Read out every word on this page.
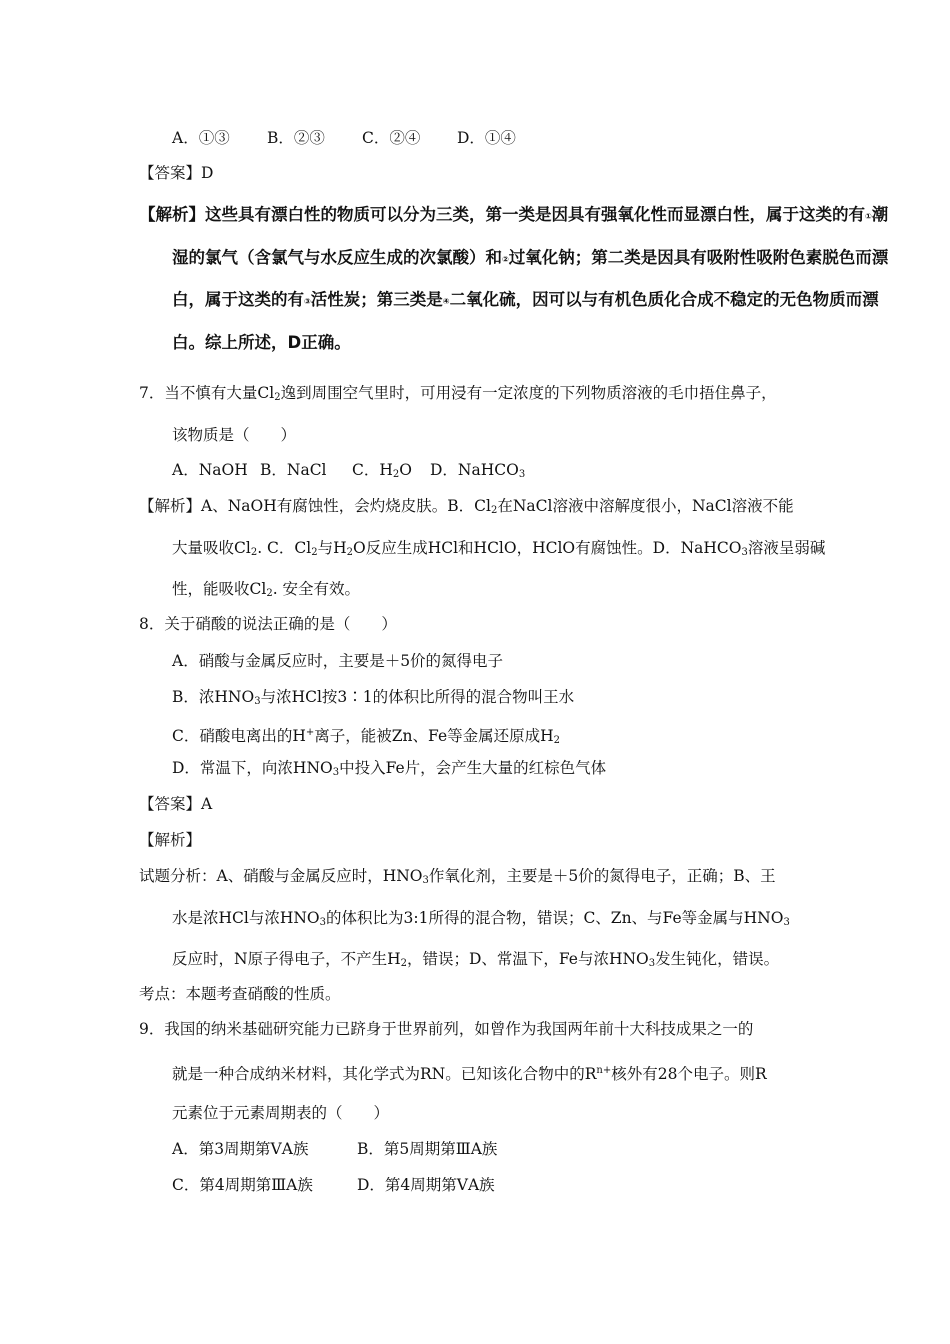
A．①③ B．②③ C．②④ D．①④
【答案】D
【解析】这些具有漂白性的物质可以分为三类，第一类是因具有强氧化性而显漂白性，属于这类的有①潮
湿的氯气（含氯气与水反应生成的次氯酸）和②过氧化钠；第二类是因具有吸附性吸附色素脱色而漂
白，属于这类的有③活性炭；第三类是④二氧化硫，因可以与有机色质化合成不稳定的无色物质而漂
白。综上所述，D正确。
7．当不慎有大量$Cl_2$逸到周围空气里时，可用浸有一定浓度的下列物质溶液的毛巾捂住鼻子，
该物质是（　　）
A．NaOH B．NaCl C．$H_2O$ D．NaHCO$_3$
【解析】A、NaOH有腐蚀性，会灼烧皮肤。B．$Cl_2$在NaCl溶液中溶解度很小，NaCl溶液不能
大量吸收$Cl_2$. C．$Cl_2$与$H_2O$反应生成HCl和HClO，HClO有腐蚀性。D．NaHCO$_3$溶液呈弱碱
性，能吸收$Cl_2$. 安全有效。
8．关于硝酸的说法正确的是（　　）
A．硝酸与金属反应时，主要是＋5价的氮得电子
B．浓$HNO_3$与浓HCl按3∶1的体积比所得的混合物叫王水
C．硝酸电离出的H+离子，能被Zn、Fe等金属还原成$H_2$
D．常温下，向浓$HNO_3$中投入Fe片，会产生大量的红棕色气体
【答案】A
【解析】
试题分析：A、硝酸与金属反应时，$HNO_3$作氧化剂，主要是＋5价的氮得电子，正确；B、王
水是浓HCl与浓$HNO_3$的体积比为3:1所得的混合物，错误；C、Zn、与Fe等金属与$HNO_3$
反应时，N原子得电子，不产生$H_2$，错误；D、常温下，Fe与浓$HNO_3$发生钝化，错误。
考点：本题考查硝酸的性质。
9．我国的纳米基础研究能力已跻身于世界前列，如曾作为我国两年前十大科技成果之一的
就是一种合成纳米材料，其化学式为RN。已知该化合物中的$R^{n+}$核外有28个电子。则R
元素位于元素周期表的（　　）
A．第3周期第ⅤA族	B．第5周期第ⅢA族
C．第4周期第ⅢA族	D．第4周期第ⅤA族
